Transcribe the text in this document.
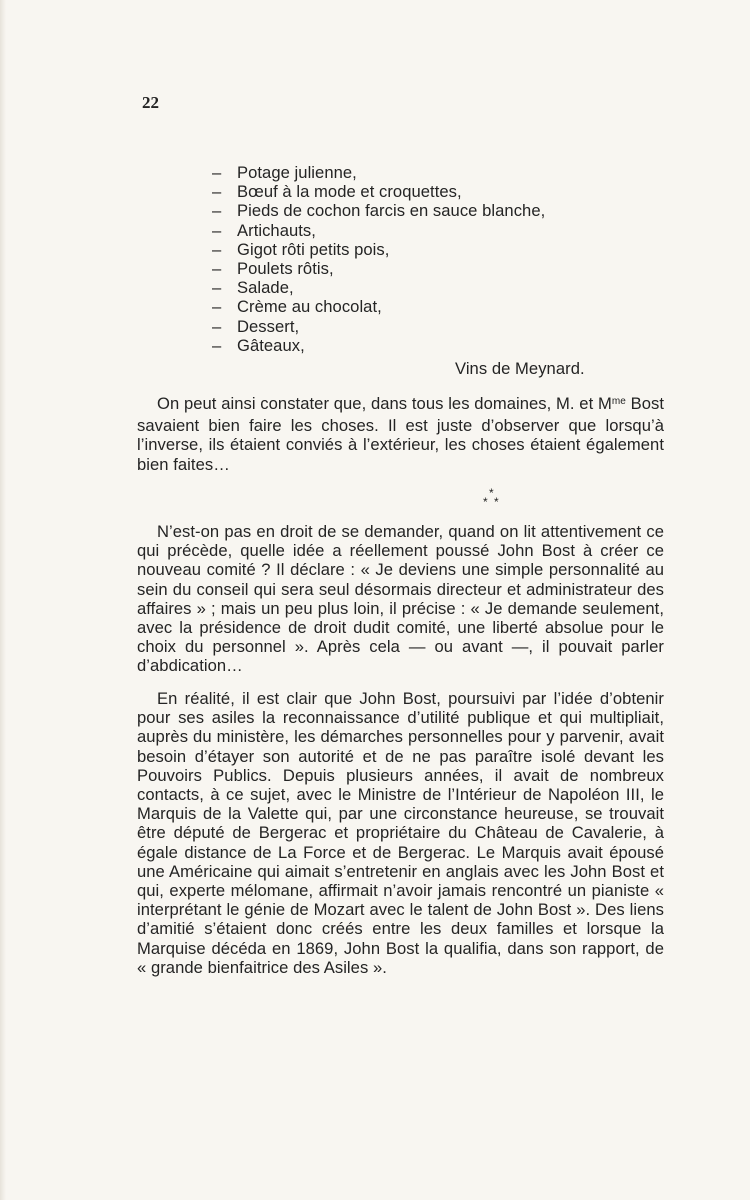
22
– Potage julienne,
– Bœuf à la mode et croquettes,
– Pieds de cochon farcis en sauce blanche,
– Artichauts,
– Gigot rôti petits pois,
– Poulets rôtis,
– Salade,
– Crème au chocolat,
– Dessert,
– Gâteaux,
Vins de Meynard.

On peut ainsi constater que, dans tous les domaines, M. et $M^{me}$ Bost savaient bien faire les choses. Il est juste d’observer que lorsqu’à l’inverse, ils étaient conviés à l’extérieur, les choses étaient également bien faites…

*
* *

N’est-on pas en droit de se demander, quand on lit attentivement ce qui précède, quelle idée a réellement poussé John Bost à créer ce nouveau comité ? Il déclare : « Je deviens une simple personnalité au sein du conseil qui sera seul désormais directeur et administrateur des affaires » ; mais un peu plus loin, il précise : « Je demande seulement, avec la présidence de droit dudit comité, une liberté absolue pour le choix du personnel ». Après cela — ou avant —, il pouvait parler d’abdication…

En réalité, il est clair que John Bost, poursuivi par l’idée d’obtenir pour ses asiles la reconnaissance d’utilité publique et qui multipliait, auprès du ministère, les démarches personnelles pour y parvenir, avait besoin d’étayer son autorité et de ne pas paraître isolé devant les Pouvoirs Publics. Depuis plusieurs années, il avait de nombreux contacts, à ce sujet, avec le Ministre de l’Intérieur de Napoléon III, le Marquis de la Valette qui, par une circonstance heureuse, se trouvait être député de Bergerac et propriétaire du Château de Cavalerie, à égale distance de La Force et de Bergerac. Le Marquis avait épousé une Américaine qui aimait s’entretenir en anglais avec les John Bost et qui, experte mélomane, affirmait n’avoir jamais rencontré un pianiste « interprétant le génie de Mozart avec le talent de John Bost ». Des liens d’amitié s’étaient donc créés entre les deux familles et lorsque la Marquise décéda en 1869, John Bost la qualifia, dans son rapport, de « grande bienfaitrice des Asiles ».
